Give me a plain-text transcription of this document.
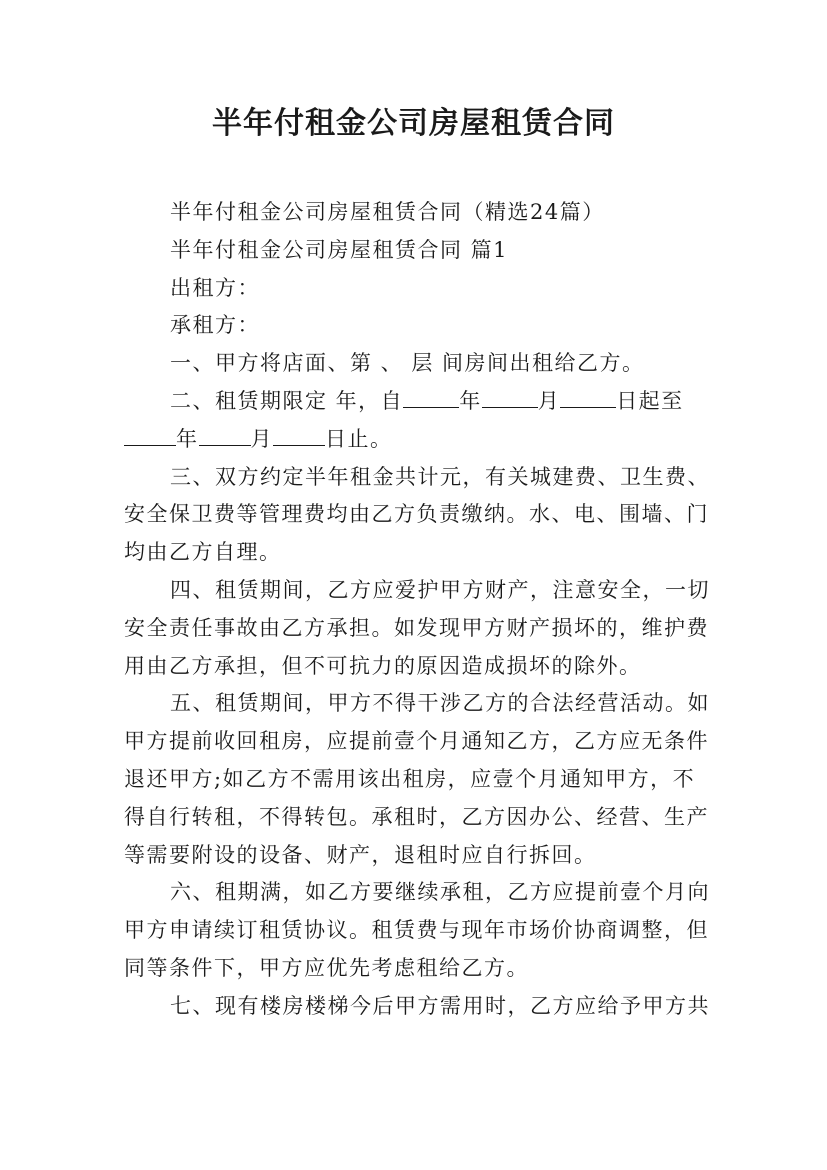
半年付租金公司房屋租赁合同
半年付租金公司房屋租赁合同（精选24篇）
半年付租金公司房屋租赁合同 篇1
出租方：
承租方：
一、甲方将店面、第 、 层 间房间出租给乙方。
二、租赁期限定 年，自	年	月	日起至
年 月 日止。
三、双方约定半年租金共计元，有关城建费、卫生费、
安全保卫费等管理费均由乙方负责缴纳。水、电、围墙、门
均由乙方自理。
四、租赁期间，乙方应爱护甲方财产，注意安全，一切
安全责任事故由乙方承担。如发现甲方财产损坏的，维护费
用由乙方承担，但不可抗力的原因造成损坏的除外。
五、租赁期间，甲方不得干涉乙方的合法经营活动。如
甲方提前收回租房，应提前壹个月通知乙方，乙方应无条件
退还甲方;如乙方不需用该出租房，应壹个月通知甲方，不
得自行转租，不得转包。承租时，乙方因办公、经营、生产
等需要附设的设备、财产，退租时应自行拆回。
六、租期满，如乙方要继续承租，乙方应提前壹个月向
甲方申请续订租赁协议。租赁费与现年市场价协商调整，但
同等条件下，甲方应优先考虑租给乙方。
七、现有楼房楼梯今后甲方需用时，乙方应给予甲方共
